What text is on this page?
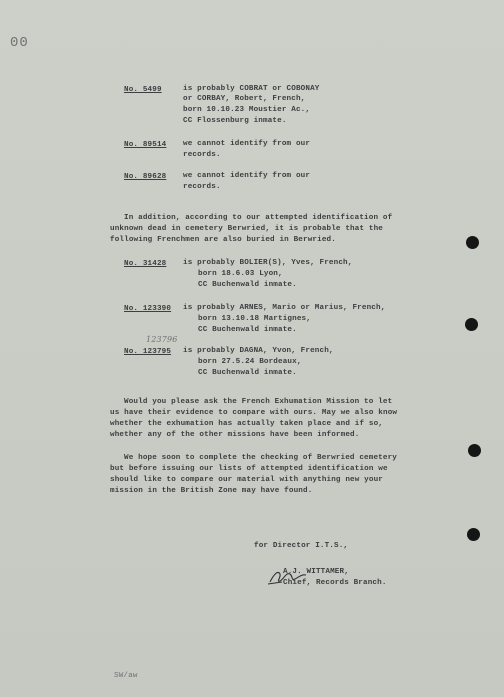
00
No. 5499	is probably COBRAT or COBONAY
or CORBAY, Robert, French,
born 10.10.23 Moustier Ac.,
CC Flossenburg inmate.
No. 89514 we cannot identify from our
records.
No. 89628 we cannot identify from our
records.
In addition, according to our attempted identification of
unknown dead in cemetery Berwried, it is probable that the
following Frenchmen are also buried in Berwried.
No. 31428 is probably BOLIER(S), Yves, French,
born 18.6.03 Lyon,
CC Buchenwald inmate.
No. 123390 is probably ARNES, Mario or Marius, French,
born 13.10.18 Martignes,
CC Buchenwald inmate.
123796
No. 123795 is probably DAGNA, Yvon, French,
born 27.5.24 Bordeaux,
CC Buchenwald inmate.
Would you please ask the French Exhumation Mission to let
us have their evidence to compare with ours. May we also know
whether the exhumation has actually taken place and if so,
whether any of the other missions have been informed.
We hope soon to complete the checking of Berwried cemetery
but before issuing our lists of attempted identification we
should like to compare our material with anything new your
mission in the British Zone may have found.
for Director I.T.S.,
A.J. WITTAMER,
Chief, Records Branch.
SW/aw
